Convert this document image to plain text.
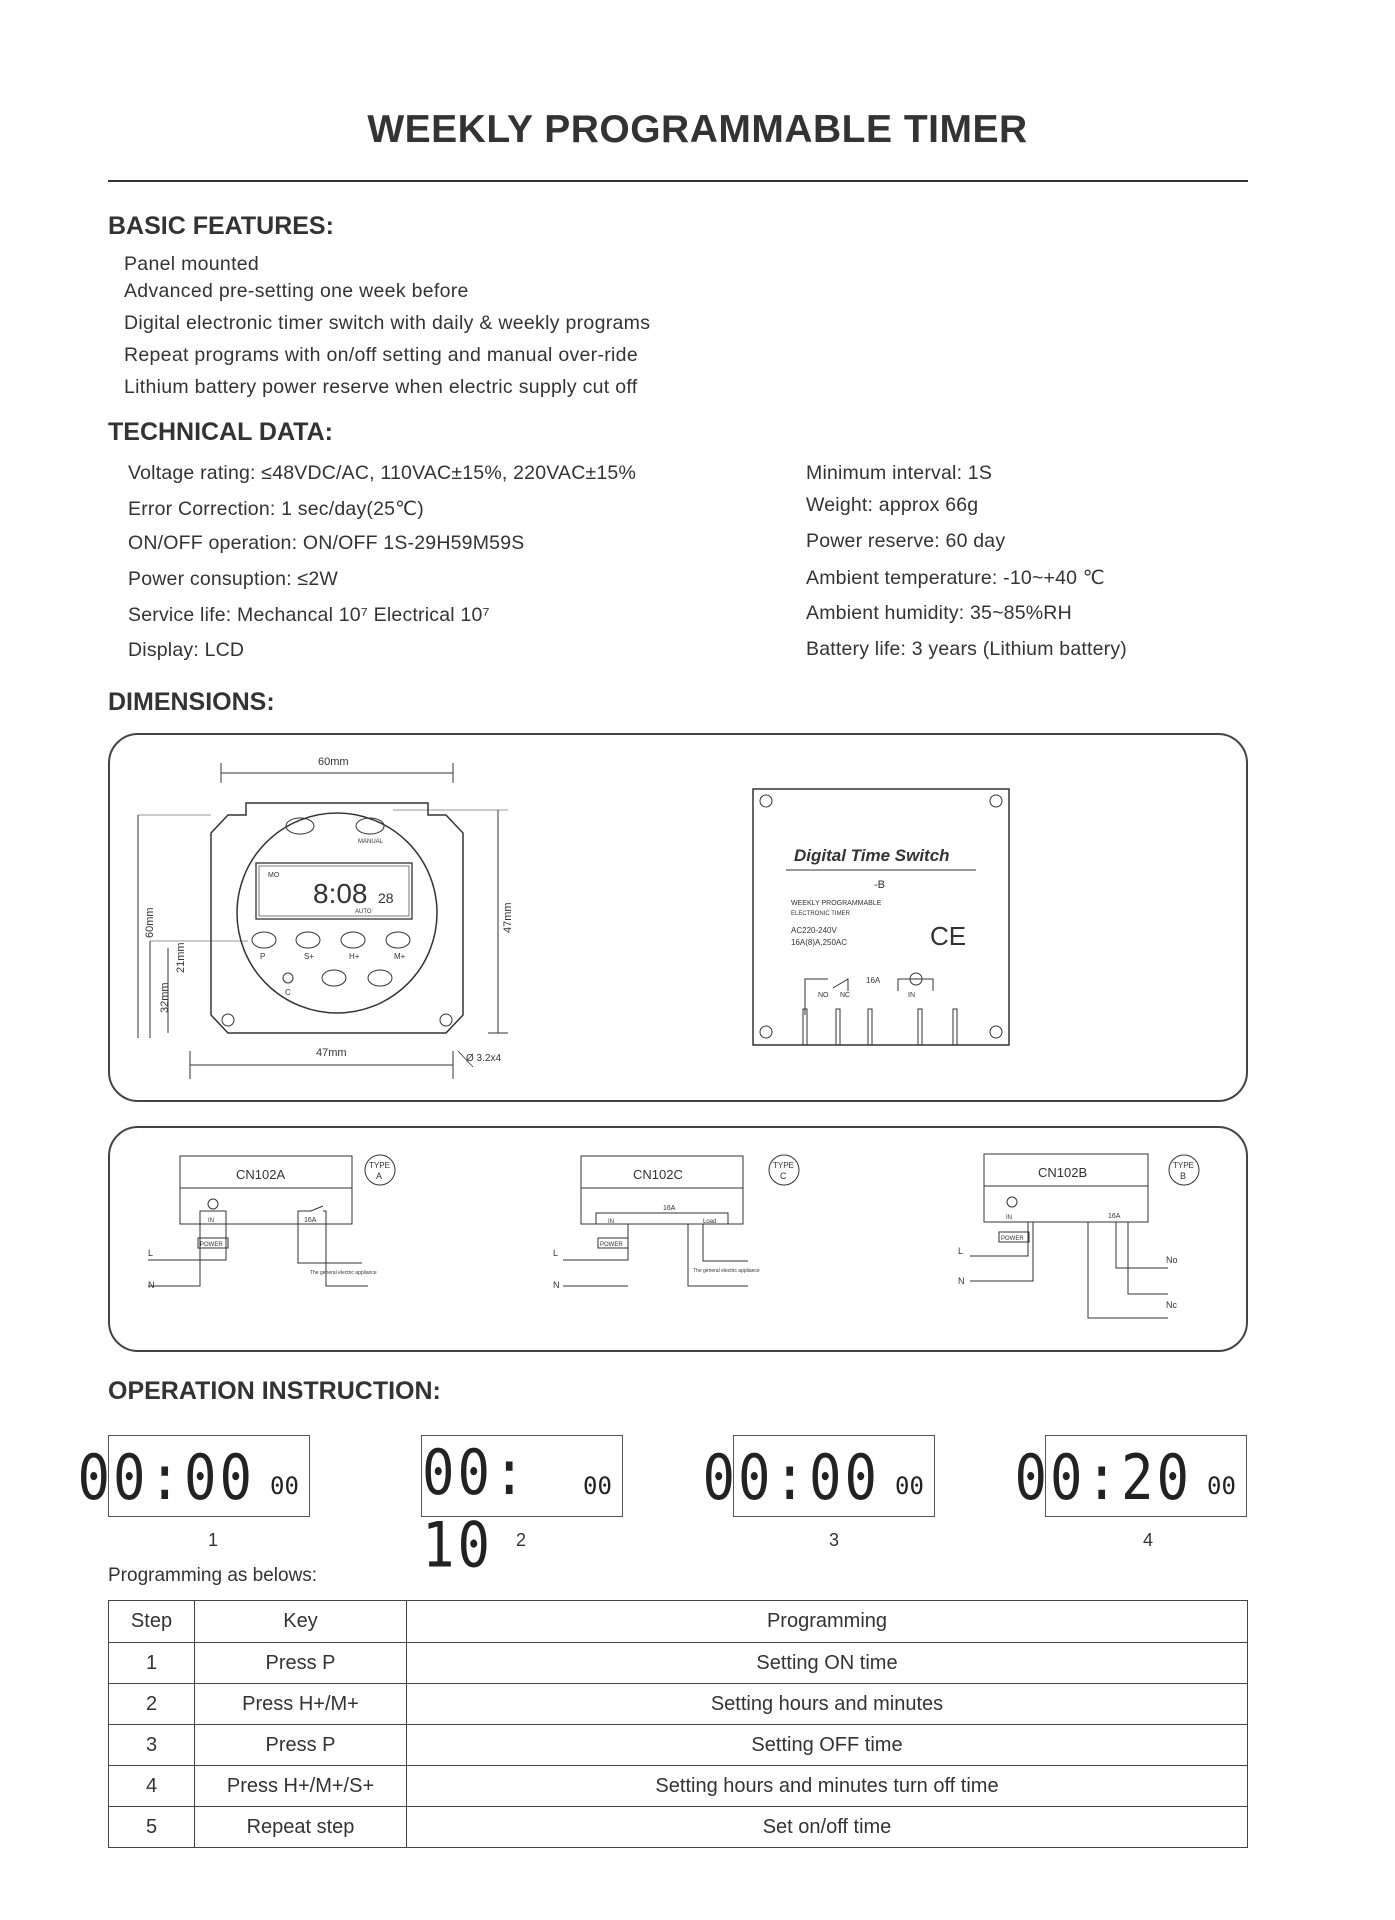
WEEKLY PROGRAMMABLE TIMER
BASIC FEATURES:
Panel mounted
Advanced pre-setting one week before
Digital electronic timer switch with daily & weekly programs
Repeat programs with on/off setting and manual over-ride
Lithium battery power reserve when electric supply cut off
TECHNICAL DATA:
Voltage rating: ≤48VDC/AC, 110VAC±15%, 220VAC±15%
Error Correction: 1 sec/day(25℃)
ON/OFF operation: ON/OFF 1S-29H59M59S
Power consuption: ≤2W
Service life: Mechancal 10⁷ Electrical 10⁷
Display: LCD
Minimum interval: 1S
Weight: approx 66g
Power reserve: 60 day
Ambient temperature: -10~+40 ℃
Ambient humidity: 35~85%RH
Battery life: 3 years (Lithium battery)
DIMENSIONS:
60mm
MANUAL
MO
8:08 28
AUTO
P	S+	H+	M+
C
60mm
32mm
21mm
47mm
47mm	Ø 3.2x4
Digital Time Switch
-B
WEEKLY PROGRAMMABLE
ELECTRONIC TIMER
AC220-240V
16A(8)A,250AC	CE
16A
NO NC	IN
CN102A
TYPE
A
IN	16A
POWER
L
N
The general electric appliance
CN102C
TYPE
C
16A
IN	Load
POWER
L
N
The general electric appliance
CN102B	TYPE
B
IN	16A
POWER
L
N
No
Nc
OPERATION INSTRUCTION:
00:00 00
1
00: 10
00
2
00:00 00
3
00:20 00
4
Programming as belows:
Step	Key	Programming
1	Press P	Setting ON time
2	Press H+/M+	Setting hours and minutes
3	Press P	Setting OFF time
4	Press H+/M+/S+	Setting hours and minutes turn off time
5	Repeat step	Set on/off time
